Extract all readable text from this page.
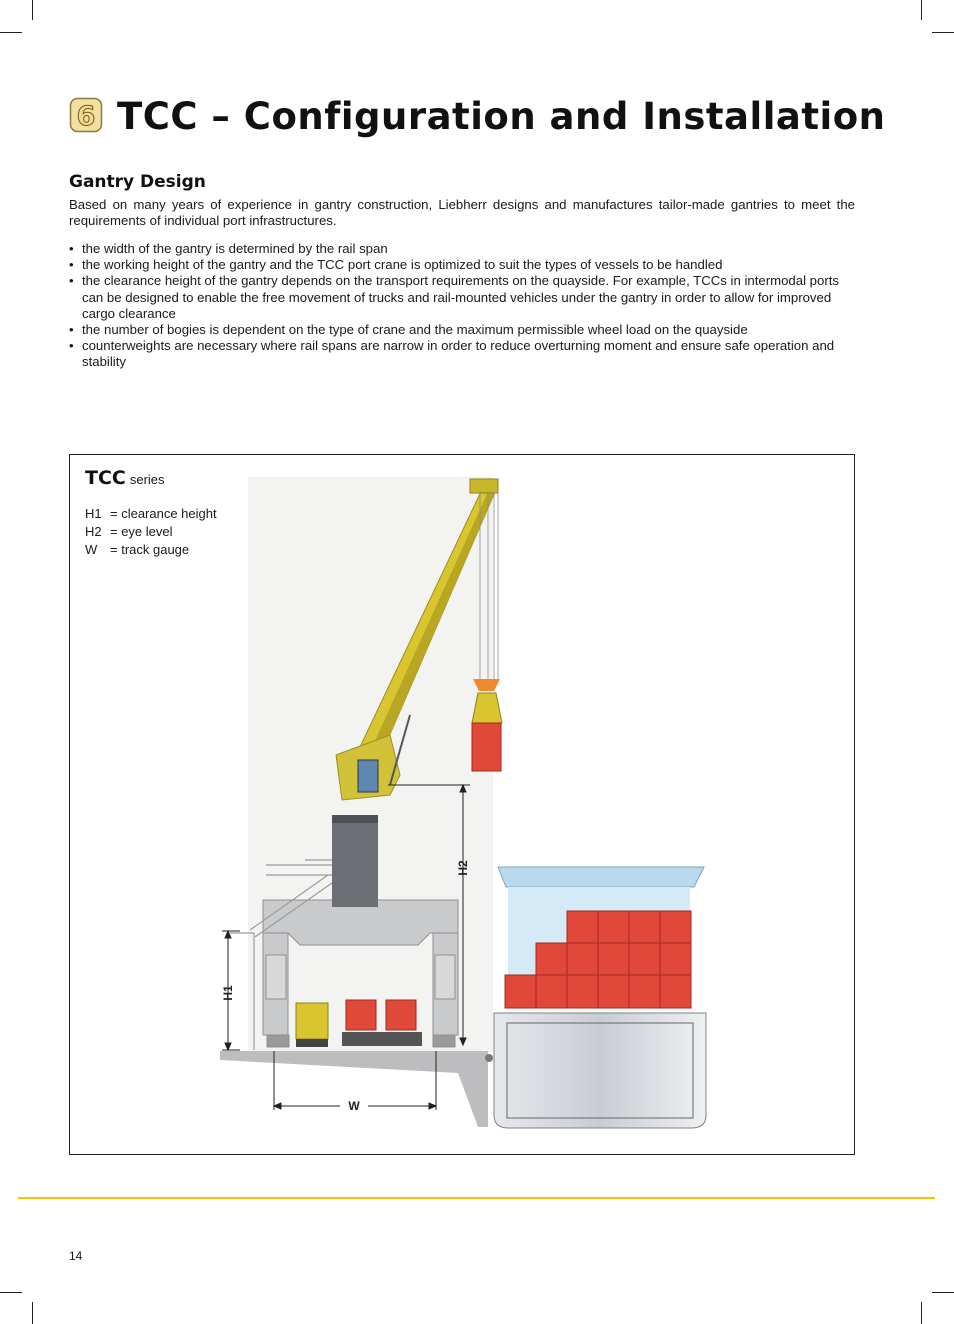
6 TCC – Configuration and Installation
Gantry Design

Based on many years of experience in gantry construction, Liebherr designs and manufactures tailor-made gantries to meet the requirements of individual port infrastructures.

• the width of the gantry is determined by the rail span
• the working height of the gantry and the TCC port crane is optimized to suit the types of vessels to be handled
• the clearance height of the gantry depends on the transport requirements on the quayside. For example, TCCs in intermodal ports can be designed to enable the free movement of trucks and rail-mounted vehicles under the gantry in order to allow for improved cargo clearance
• the number of bogies is dependent on the type of crane and the maximum permissible wheel load on the quayside
• counterweights are necessary where rail spans are narrow in order to reduce overturning moment and ensure safe operation and stability
TCC series
H1 = clearance height
H2 = eye level
W = track gauge
H1
H2
W
14
